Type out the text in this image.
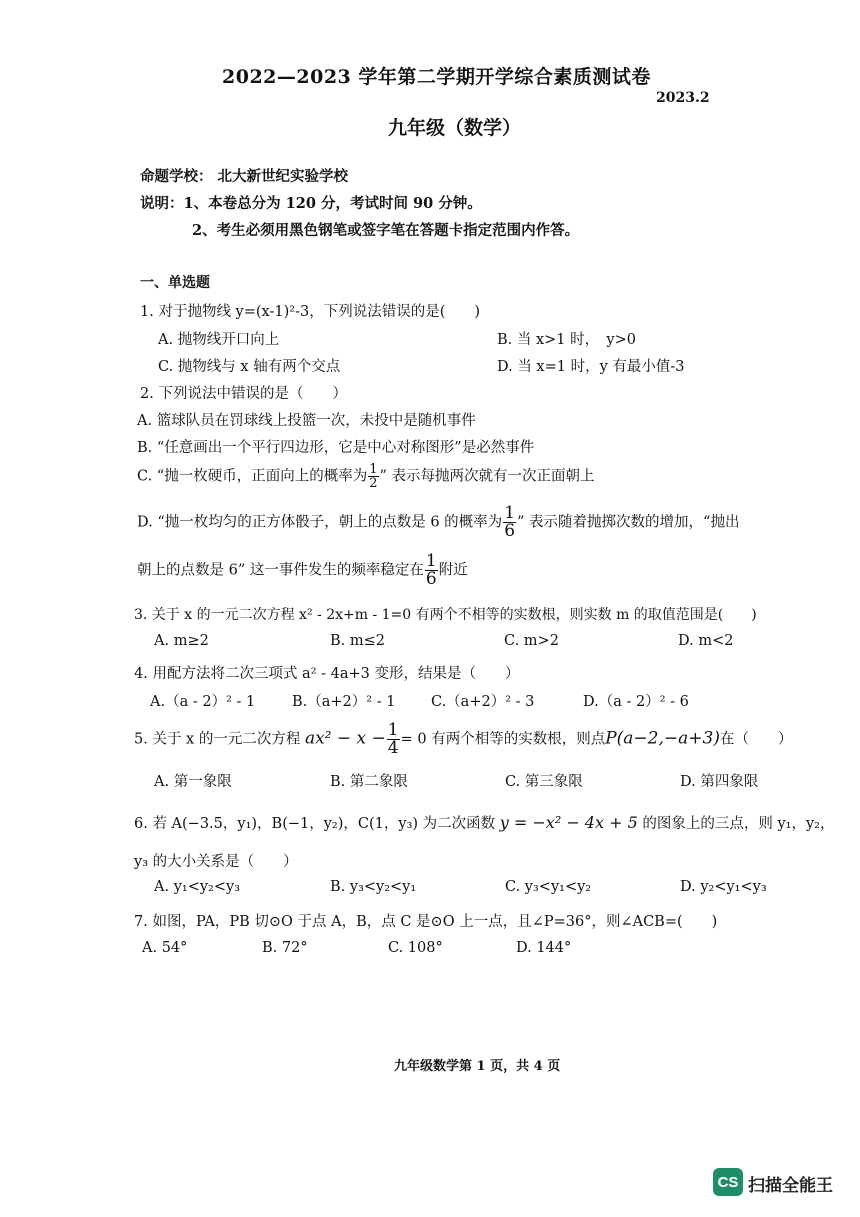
2022—2023 学年第二学期开学综合素质测试卷
2023.2
九年级（数学）
命题学校： 北大新世纪实验学校
说明：1、本卷总分为 120 分，考试时间 90 分钟。
2、考生必须用黑色钢笔或签字笔在答题卡指定范围内作答。
一、单选题
1. 对于抛物线 y=(x-1)²-3，下列说法错误的是(　　)
A. 抛物线开口向上	B. 当 x>1 时，　y>0
C. 抛物线与 x 轴有两个交点	D. 当 x=1 时，y 有最小值-3
2. 下列说法中错误的是（　　）
A. 篮球队员在罚球线上投篮一次，未投中是随机事件
B. “任意画出一个平行四边形，它是中心对称图形”是必然事件
C. “抛一枚硬币，正面向上的概率为 $\frac{1}{2}$ ” 表示每抛两次就有一次正面朝上
D. “抛一枚均匀的正方体骰子，朝上的点数是 6 的概率为 $\frac{1}{6}$ ” 表示随着抛掷次数的增加，“抛出
朝上的点数是 6” 这一事件发生的频率稳定在 $\frac{1}{6}$ 附近
3. 关于 x 的一元二次方程 x² - 2x+m - 1=0 有两个不相等的实数根，则实数 m 的取值范围是(　　)
A. m≥2	B. m≤2	C. m>2	D. m<2
4. 用配方法将二次三项式 a² - 4a+3 变形，结果是（　　）
A.（a - 2）² - 1	B.（a+2）² - 1 C.（a+2）² - 3	D.（a - 2）² - 6
5. 关于 x 的一元二次方程 $ax^2 - x - \frac{1}{4} = 0$ 有两个相等的实数根，则点P(a−2,−a+3)在（　　）
A. 第一象限	B. 第二象限	C. 第三象限	D. 第四象限
6. 若 A(−3.5，y₁)，B(−1，y₂)，C(1，y₃) 为二次函数 y = −x² − 4x + 5 的图象上的三点，则 y₁，y₂，
y₃ 的大小关系是（　　）
A. y₁<y₂<y₃	B. y₃<y₂<y₁	C. y₃<y₁<y₂	D. y₂<y₁<y₃
7. 如图，PA，PB 切⊙O 于点 A，B，点 C 是⊙O 上一点，且∠P=36°，则∠ACB=(　　)
A. 54°	B. 72°	C. 108°	D. 144°
九年级数学第 1 页，共 4 页
CS 扫描全能王
